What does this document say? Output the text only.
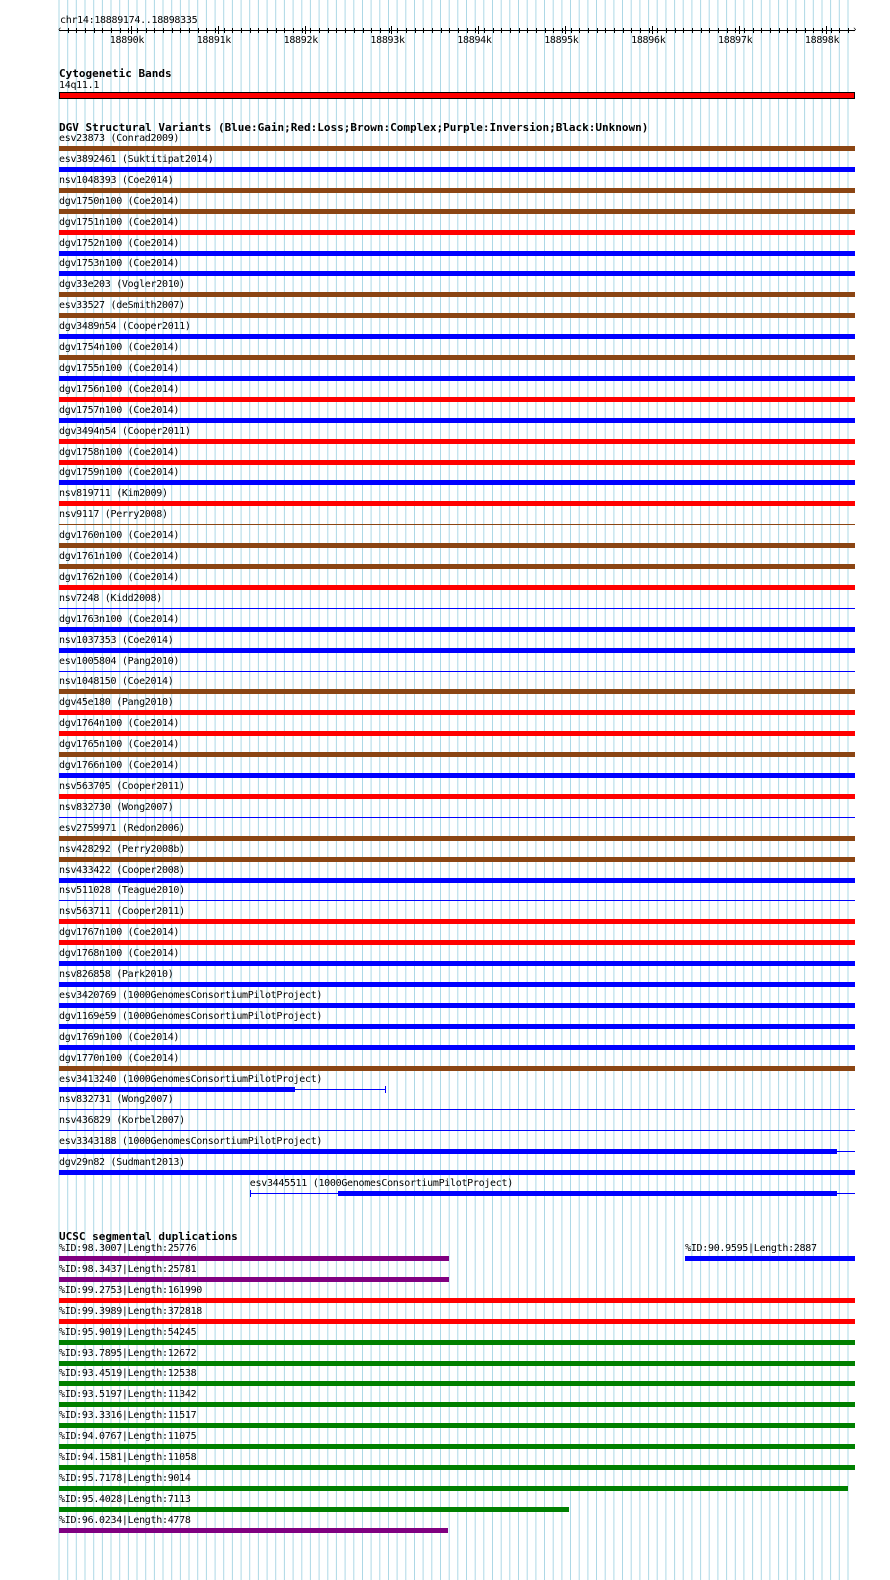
chr14:18889174..18898335
‹	›
18890k	18891k	18892k	18893k	18894k	18895k	18896k	18897k	18898k
Cytogenetic Bands
14q11.1
DGV Structural Variants (Blue:Gain;Red:Loss;Brown:Complex;Purple:Inversion;Black:Unknown)
esv23873 (Conrad2009)
esv3892461 (Suktitipat2014)
nsv1048393 (Coe2014)
dgv1750n100 (Coe2014)
dgv1751n100 (Coe2014)
dgv1752n100 (Coe2014)
dgv1753n100 (Coe2014)
dgv33e203 (Vogler2010)
esv33527 (deSmith2007)
dgv3489n54 (Cooper2011)
dgv1754n100 (Coe2014)
dgv1755n100 (Coe2014)
dgv1756n100 (Coe2014)
dgv1757n100 (Coe2014)
dgv3494n54 (Cooper2011)
dgv1758n100 (Coe2014)
dgv1759n100 (Coe2014)
nsv819711 (Kim2009)
nsv9117 (Perry2008)
dgv1760n100 (Coe2014)
dgv1761n100 (Coe2014)
dgv1762n100 (Coe2014)
nsv7248 (Kidd2008)
dgv1763n100 (Coe2014)
nsv1037353 (Coe2014)
esv1005804 (Pang2010)
nsv1048150 (Coe2014)
dgv45e180 (Pang2010)
dgv1764n100 (Coe2014)
dgv1765n100 (Coe2014)
dgv1766n100 (Coe2014)
nsv563705 (Cooper2011)
nsv832730 (Wong2007)
esv2759971 (Redon2006)
nsv428292 (Perry2008b)
nsv433422 (Cooper2008)
nsv511028 (Teague2010)
nsv563711 (Cooper2011)
dgv1767n100 (Coe2014)
dgv1768n100 (Coe2014)
nsv826858 (Park2010)
esv3420769 (1000GenomesConsortiumPilotProject)
dgv1169e59 (1000GenomesConsortiumPilotProject)
dgv1769n100 (Coe2014)
dgv1770n100 (Coe2014)
esv3413240 (1000GenomesConsortiumPilotProject)
nsv832731 (Wong2007)
nsv436829 (Korbel2007)
esv3343188 (1000GenomesConsortiumPilotProject)
dgv29n82 (Sudmant2013)
esv3445511 (1000GenomesConsortiumPilotProject)
UCSC segmental duplications
%ID:98.3007|Length:25776	%ID:90.9595|Length:2887
%ID:98.3437|Length:25781
%ID:99.2753|Length:161990
%ID:99.3989|Length:372818
%ID:95.9019|Length:54245
%ID:93.7895|Length:12672
%ID:93.4519|Length:12538
%ID:93.5197|Length:11342
%ID:93.3316|Length:11517
%ID:94.0767|Length:11075
%ID:94.1581|Length:11058
%ID:95.7178|Length:9014
%ID:95.4028|Length:7113
%ID:96.0234|Length:4778
